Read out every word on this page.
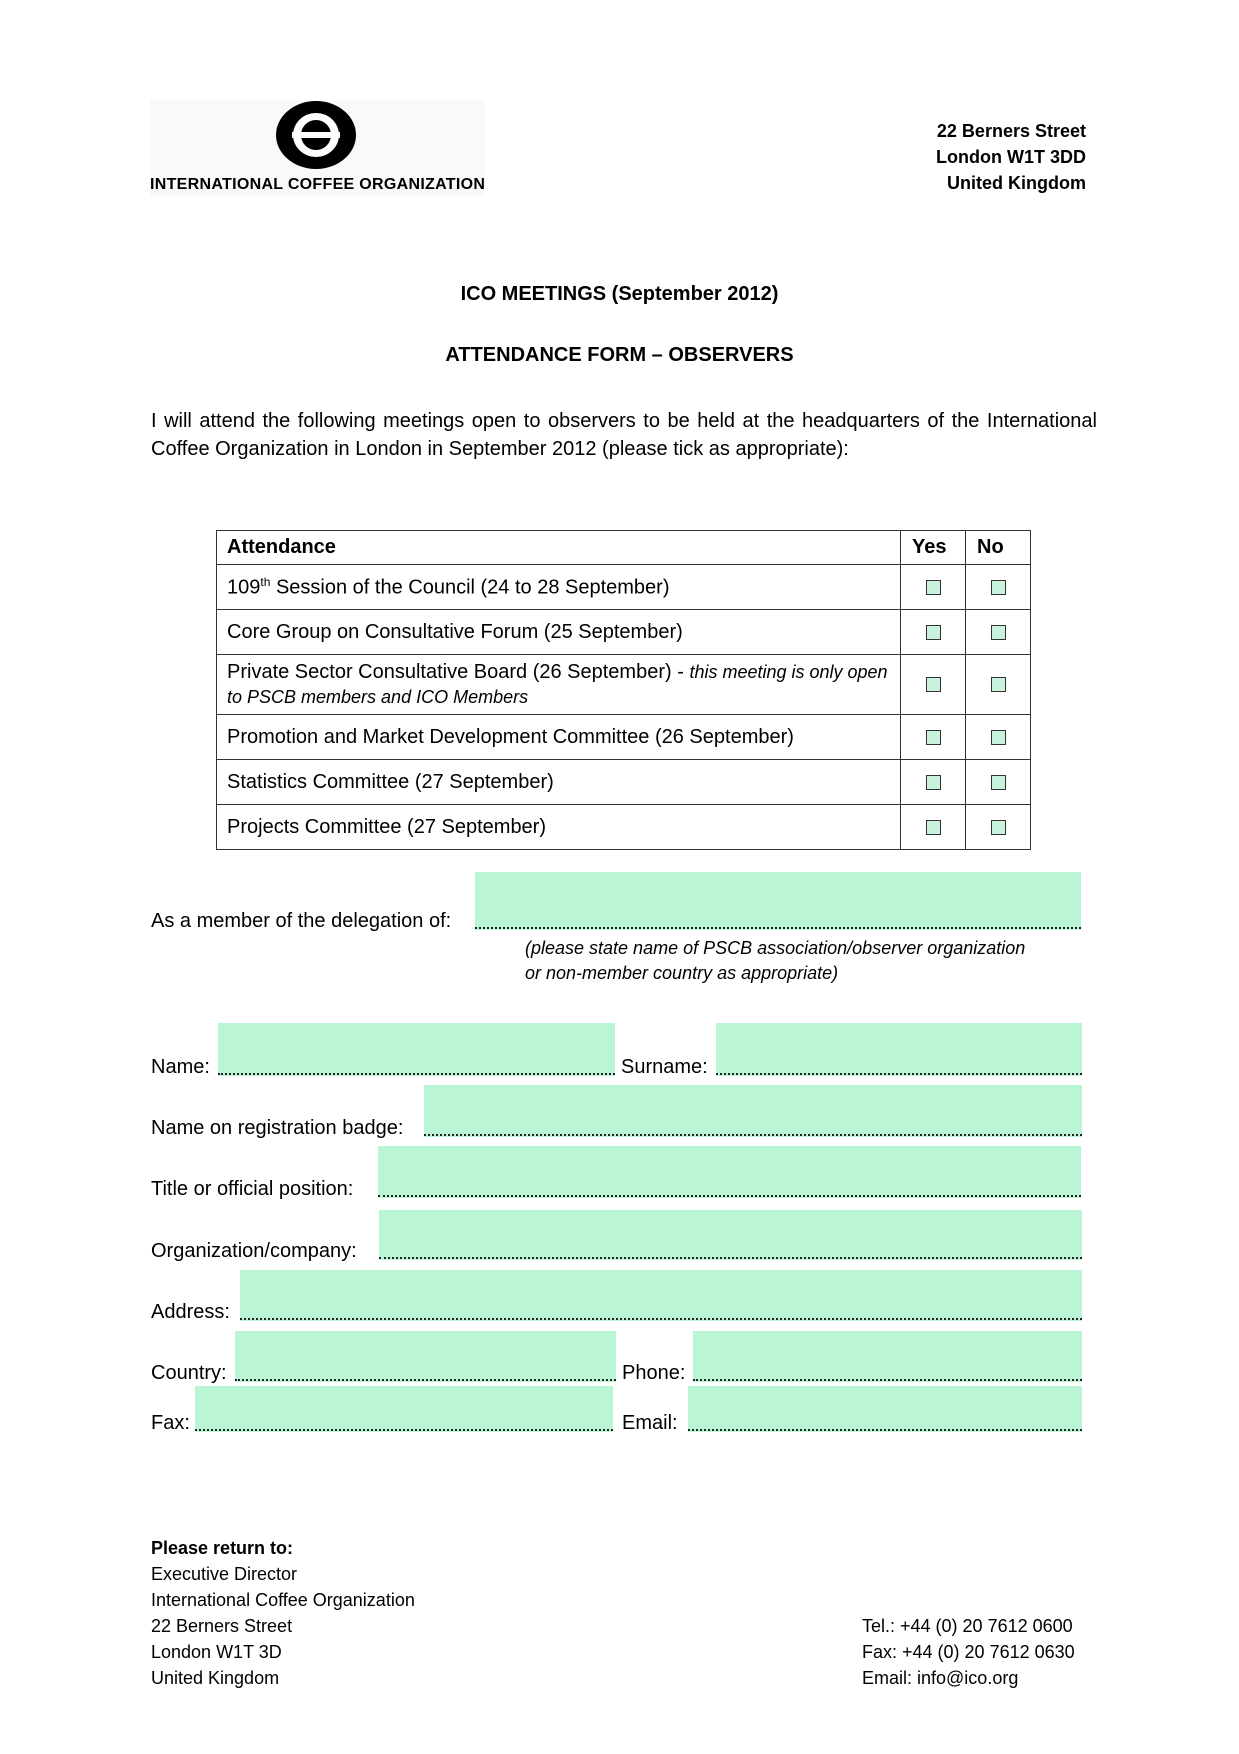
INTERNATIONAL COFFEE ORGANIZATION
22 Berners Street
London W1T 3DD
United Kingdom
ICO MEETINGS (September 2012)
ATTENDANCE FORM – OBSERVERS
I will attend the following meetings open to observers to be held at the headquarters of the International Coffee Organization in London in September 2012 (please tick as appropriate):
Attendance	Yes	No
109th Session of the Council (24 to 28 September)		
Core Group on Consultative Forum (25 September)		
Private Sector Consultative Board (26 September) - this meeting is only open to PSCB members and ICO Members		
Promotion and Market Development Committee (26 September)		
Statistics Committee (27 September)		
Projects Committee (27 September)		
As a member of the delegation of:
(please state name of PSCB association/observer organization
or non-member country as appropriate)
Name:	Surname:
Name on registration badge:
Title or official position:
Organization/company:
Address:
Country:	Phone:
Fax:	Email:
Please return to:
Executive Director
International Coffee Organization
22 Berners Street
London W1T 3D
United Kingdom
Tel.: +44 (0) 20 7612 0600
Fax: +44 (0) 20 7612 0630
Email: info@ico.org
